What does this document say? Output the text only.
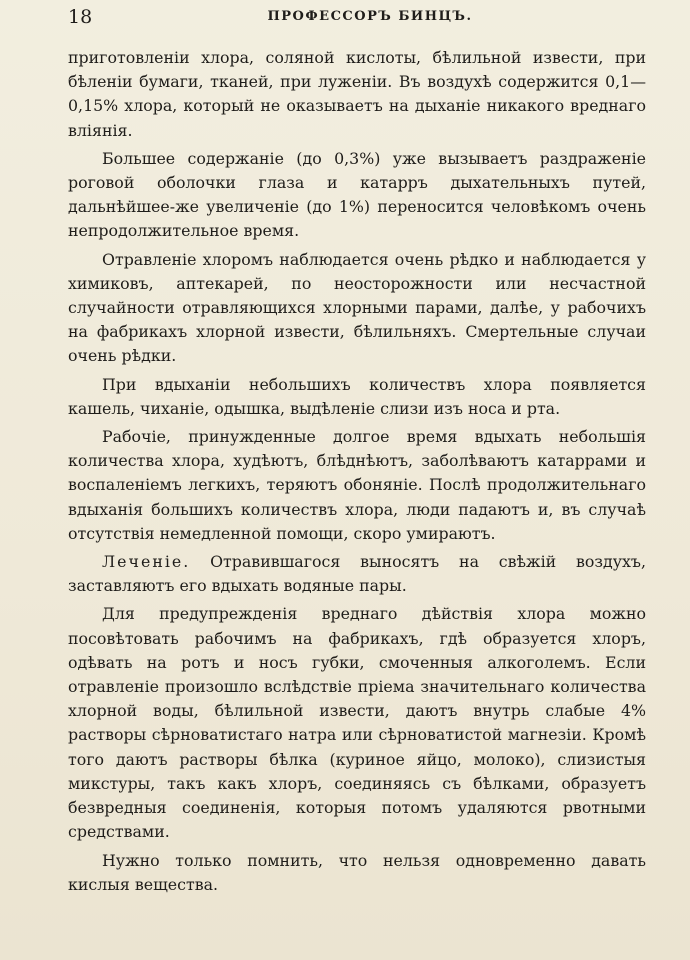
18	ПРОФЕССОРЪ БИНЦЪ.

приготовленіи хлора, соляной кислоты, бѣлильной извести, при бѣленіи бумаги, тканей, при луженіи. Въ воздухѣ содержится 0,1—0,15% хлора, который не оказываетъ на дыханіе никакого вреднаго вліянія.

Большее содержаніе (до 0,3%) уже вызываетъ раздраженіе роговой оболочки глаза и катарръ дыхательныхъ путей, дальнѣйшее-же увеличеніе (до 1%) переносится человѣкомъ очень непродолжительное время.

Отравленіе хлоромъ наблюдается очень рѣдко и наблюдается у химиковъ, аптекарей, по неосторожности или несчастной случайности отравляющихся хлорными парами, далѣе, у рабочихъ на фабрикахъ хлорной извести, бѣлильняхъ. Смертельные случаи очень рѣдки.

При вдыханіи небольшихъ количествъ хлора появляется кашель, чиханіе, одышка, выдѣленіе слизи изъ носа и рта.

Рабочіе, принужденные долгое время вдыхать небольшія количества хлора, худѣютъ, блѣднѣютъ, заболѣваютъ катаррами и воспаленіемъ легкихъ, теряютъ обоняніе. Послѣ продолжительнаго вдыханія большихъ количествъ хлора, люди падаютъ и, въ случаѣ отсутствія немедленной помощи, скоро умираютъ.

Леченіе. Отравившагося выносятъ на свѣжій воздухъ, заставляютъ его вдыхать водяные пары.

Для предупрежденія вреднаго дѣйствія хлора можно посовѣтовать рабочимъ на фабрикахъ, гдѣ образуется хлоръ, одѣвать на ротъ и носъ губки, смоченныя алкоголемъ. Если отравленіе произошло вслѣдствіе пріема значительнаго количества хлорной воды, бѣлильной извести, даютъ внутрь слабые 4% растворы сѣрноватистаго натра или сѣрноватистой магнезіи. Кромѣ того даютъ растворы бѣлка (куриное яйцо, молоко), слизистыя микстуры, такъ какъ хлоръ, соединяясь съ бѣлками, образуетъ безвредныя соединенія, которыя потомъ удаляются рвотными средствами.

Нужно только помнить, что нельзя одновременно давать кислыя вещества.
